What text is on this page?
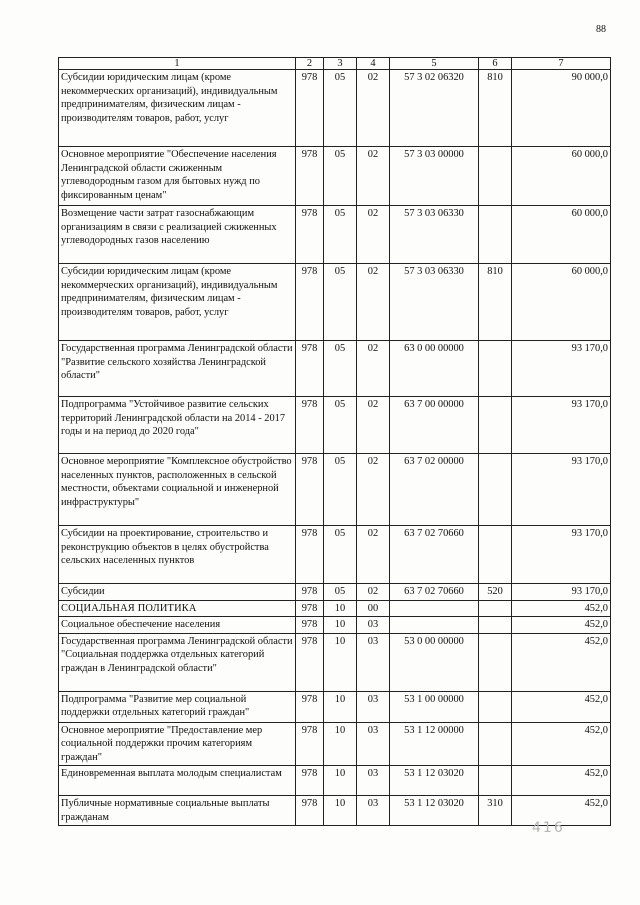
88
1	2	3	4	5	6	7
Субсидии юридическим лицам (кроме некоммерческих организаций), индивидуальным предпринимателям, физическим лицам - производителям товаров, работ, услуг	978	05	02	57 3 02 06320	810	90 000,0
Основное мероприятие "Обеспечение населения Ленинградской области сжиженным углеводородным газом для бытовых нужд по фиксированным ценам"	978	05	02	57 3 03 00000		60 000,0
Возмещение части затрат газоснабжающим организациям в связи с реализацией сжиженных углеводородных газов населению	978	05	02	57 3 03 06330		60 000,0
Субсидии юридическим лицам (кроме некоммерческих организаций), индивидуальным предпринимателям, физическим лицам - производителям товаров, работ, услуг	978	05	02	57 3 03 06330	810	60 000,0
Государственная программа Ленинградской области "Развитие сельского хозяйства Ленинградской области"	978	05	02	63 0 00 00000		93 170,0
Подпрограмма "Устойчивое развитие сельских территорий Ленинградской области на 2014 - 2017 годы и на период до 2020 года"	978	05	02	63 7 00 00000		93 170,0
Основное мероприятие "Комплексное обустройство населенных пунктов, расположенных в сельской местности, объектами социальной и инженерной инфраструктуры"	978	05	02	63 7 02 00000		93 170,0
Субсидии на проектирование, строительство и реконструкцию объектов в целях обустройства сельских населенных пунктов	978	05	02	63 7 02 70660		93 170,0
Субсидии	978	05	02	63 7 02 70660	520	93 170,0
СОЦИАЛЬНАЯ ПОЛИТИКА	978	10	00			452,0
Социальное обеспечение населения	978	10	03			452,0
Государственная программа Ленинградской области "Социальная поддержка отдельных категорий граждан в Ленинградской области"	978	10	03	53 0 00 00000		452,0
Подпрограмма "Развитие мер социальной поддержки отдельных категорий граждан"	978	10	03	53 1 00 00000		452,0
Основное мероприятие "Предоставление мер социальной поддержки прочим категориям граждан"	978	10	03	53 1 12 00000		452,0
Единовременная выплата молодым специалистам	978	10	03	53 1 12 03020		452,0
Публичные нормативные социальные выплаты гражданам	978	10	03	53 1 12 03020	310	452,0
416
